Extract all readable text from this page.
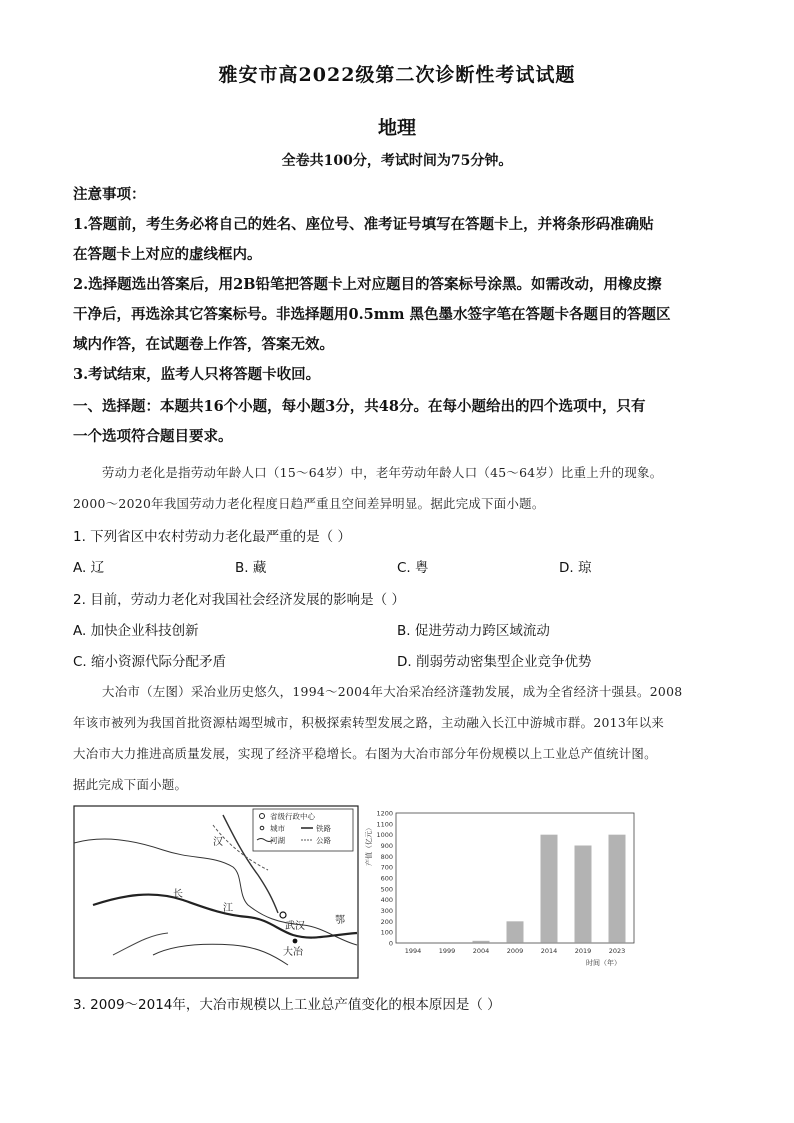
雅安市高2022级第二次诊断性考试试题
地理
全卷共100分，考试时间为75分钟。
注意事项：
1.答题前，考生务必将自己的姓名、座位号、准考证号填写在答题卡上，并将条形码准确贴
在答题卡上对应的虚线框内。
2.选择题选出答案后，用2B铅笔把答题卡上对应题目的答案标号涂黑。如需改动，用橡皮擦
干净后，再选涂其它答案标号。非选择题用0.5mm 黑色墨水签字笔在答题卡各题目的答题区
域内作答，在试题卷上作答，答案无效。
3.考试结束，监考人只将答题卡收回。
一、选择题：本题共16个小题，每小题3分，共48分。在每小题给出的四个选项中，只有
一个选项符合题目要求。
劳动力老化是指劳动年龄人口（15～64岁）中，老年劳动年龄人口（45～64岁）比重上升的现象。
2000～2020年我国劳动力老化程度日趋严重且空间差异明显。据此完成下面小题。
1. 下列省区中农村劳动力老化最严重的是（ ）
A. 辽	B. 藏	C. 粤	D. 琼
2. 目前，劳动力老化对我国社会经济发展的影响是（ ）
A. 加快企业科技创新	B. 促进劳动力跨区域流动
C. 缩小资源代际分配矛盾	D. 削弱劳动密集型企业竞争优势
大冶市（左图）采冶业历史悠久，1994～2004年大冶采冶经济蓬勃发展，成为全省经济十强县。2008
年该市被列为我国首批资源枯竭型城市，积极探索转型发展之路，主动融入长江中游城市群。2013年以来
大冶市大力推进高质量发展，实现了经济平稳增长。右图为大冶市部分年份规模以上工业总产值统计图。
据此完成下面小题。
省级行政中心
城市	铁路
河湖	公路
汉
长
江
武汉
大冶
鄂
产值（亿元）
时间（年）
0
100
200
300
400
500
600
700
800
900
1000
1100
1200
1994	1999	2004	2009	2014	2019	2023
3. 2009～2014年，大冶市规模以上工业总产值变化的根本原因是（ ）
